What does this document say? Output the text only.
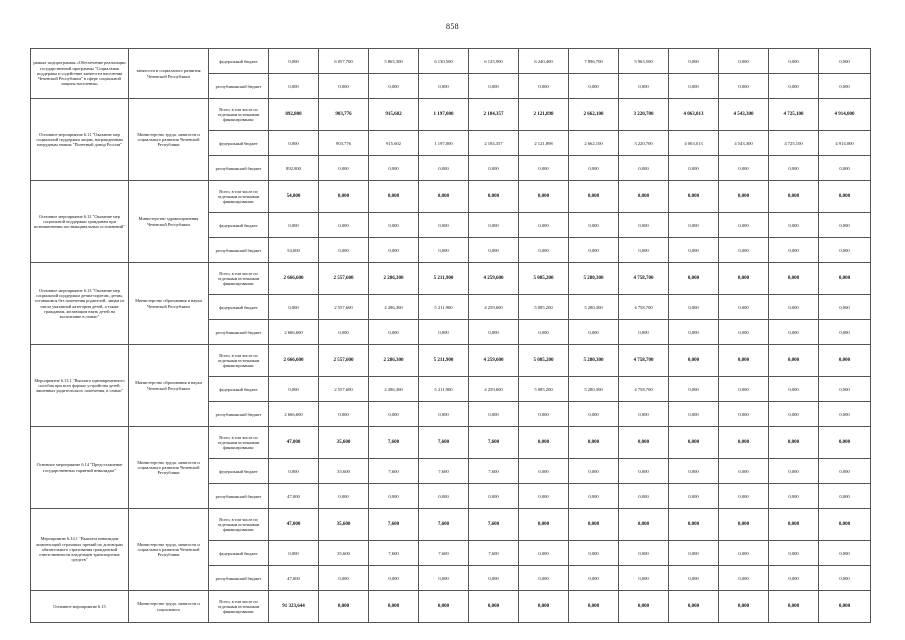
858
рамках подпрограммы «Обеспечение реализации государственной программы "Социальная поддержка и содействие занятости населения Чеченской Республики" в сфере социальной защиты населения»	занятости и социального развития Чеченской Республики	федеральный бюджет	0,000	6 057,700	5 865,300	6 130,500	6 125,900	6 240,400	7 896,700	5 963,500	0,000	0,000	0,000	0,000
		республиканский бюджет	0,000	0,000	0,000	0,000	0,000	0,000	0,000	0,000	0,000	0,000	0,000	0,000
Основное мероприятие 6.11 "Оказание мер социальной поддержки лицам, награжденным нагрудным знаком "Почетный донор России"	Министерство труда, занятости и социального развития Чеченской Республики	Всего, в том числе по отдельным источникам финансирования:	892,800	903,776	915,602	1 197,000	2 184,357	2 121,898	2 662,100	3 220,700	4 063,013	4 543,300	4 725,100	4 914,000
		федеральный бюджет	0,000	903,776	915,602	1 197,000	2 184,357	2 121,898	2 662,100	3 220,700	4 063,013	4 543,300	4 725,100	4 914,000
		республиканский бюджет	892,800	0,000	0,000	0,000	0,000	0,000	0,000	0,000	0,000	0,000	0,000	0,000
Основное мероприятие 6.12 "Оказание мер социальной поддержки гражданам при возникновении поствакцинальных осложнений"	Министерство здравоохранения Чеченской Республики	Всего, в том числе по отдельным источникам финансирования:	54,000	0,000	0,000	0,000	0,000	0,000	0,000	0,000	0,000	0,000	0,000	0,000
		федеральный бюджет	0,000	0,000	0,000	0,000	0,000	0,000	0,000	0,000	0,000	0,000	0,000	0,000
		республиканский бюджет	54,000	0,000	0,000	0,000	0,000	0,000	0,000	0,000	0,000	0,000	0,000	0,000
Основное мероприятие 6.13 "Оказание мер социальной поддержки детям-сиротам, детям, оставшимся без попечения родителей, лицам из числа указанной категории детей, а также гражданам, желающим взять детей на воспитание в семью"	Министерство образования и науки Чеченской Республики	Всего, в том числе по отдельным источникам финансирования:	2 666,600	2 557,600	2 286,300	5 211,900	4 259,600	5 085,200	5 280,300	4 758,700	0,000	0,000	0,000	0,000
		федеральный бюджет	0,000	2 557,600	2 286,300	5 211,900	4 259,600	5 085,200	5 280,300	4 758,700	0,000	0,000	0,000	0,000
		республиканский бюджет	2 666,600	0,000	0,000	0,000	0,000	0,000	0,000	0,000	0,000	0,000	0,000	0,000
Мероприятие 6.13.1 "Выплата единовременного пособия при всех формах устройства детей, лишенных родительского попечения, в семью"	Министерство образования и науки Чеченской Республики	Всего, в том числе по отдельным источникам финансирования:	2 666,600	2 557,600	2 286,300	5 211,900	4 259,600	5 085,200	5 280,300	4 758,700	0,000	0,000	0,000	0,000
		федеральный бюджет	0,000	2 557,600	2 286,300	5 211,900	4 259,600	5 085,200	5 280,300	4 758,700	0,000	0,000	0,000	0,000
		республиканский бюджет	2 666,600	0,000	0,000	0,000	0,000	0,000	0,000	0,000	0,000	0,000	0,000	0,000
Основное мероприятие 6.14 "Предоставление государственных гарантий инвалидам"	Министерство труда, занятости и социального развития Чеченской Республики	Всего, в том числе по отдельным источникам финансирования:	47,000	35,600	7,600	7,600	7,600	0,000	0,000	0,000	0,000	0,000	0,000	0,000
		федеральный бюджет	0,000	35,600	7,600	7,600	7,600	0,000	0,000	0,000	0,000	0,000	0,000	0,000
		республиканский бюджет	47,000	0,000	0,000	0,000	0,000	0,000	0,000	0,000	0,000	0,000	0,000	0,000
Мероприятие 6.14.1 "Выплата инвалидам компенсаций страховых премий по договорам обязательного страхования гражданской ответственности владельцев транспортных средств"	Министерство труда, занятости и социального развития Чеченской Республики	Всего, в том числе по отдельным источникам финансирования:	47,000	35,600	7,600	7,600	7,600	0,000	0,000	0,000	0,000	0,000	0,000	0,000
		федеральный бюджет	0,000	35,600	7,600	7,600	7,600	0,000	0,000	0,000	0,000	0,000	0,000	0,000
		республиканский бюджет	47,000	0,000	0,000	0,000	0,000	0,000	0,000	0,000	0,000	0,000	0,000	0,000
Основное мероприятие 6.15	Министерство труда, занятости и социального	Всего, в том числе по отдельным источникам финансирования:	91 323,644	0,000	0,000	0,000	0,000	0,000	0,000	0,000	0,000	0,000	0,000	0,000
